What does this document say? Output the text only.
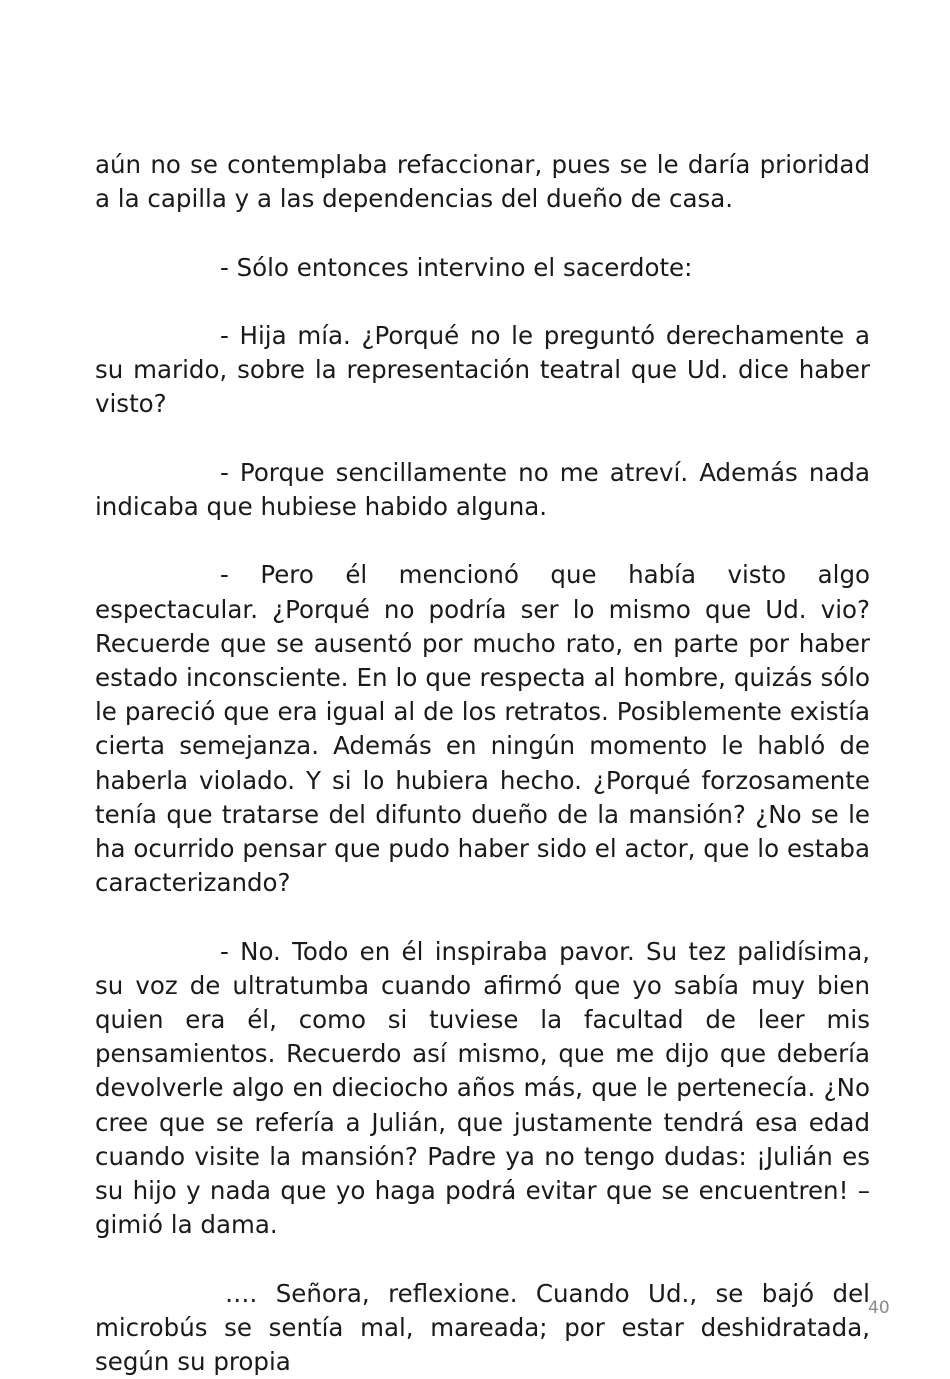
aún no se contemplaba refaccionar, pues se le daría prioridad a la capilla y a las dependencias del dueño de casa.

- Sólo entonces intervino el sacerdote:

- Hija mía. ¿Porqué no le preguntó derechamente a su marido, sobre la representación teatral que Ud. dice haber visto?

- Porque sencillamente no me atreví. Además nada indicaba que hubiese habido alguna.

- Pero él mencionó que había visto algo espectacular. ¿Porqué no podría ser lo mismo que Ud. vio? Recuerde que se ausentó por mucho rato, en parte por haber estado inconsciente. En lo que respecta al hombre, quizás sólo le pareció que era igual al de los retratos. Posiblemente existía cierta semejanza. Además en ningún momento le habló de haberla violado. Y si lo hubiera hecho. ¿Porqué forzosamente tenía que tratarse del difunto dueño de la mansión? ¿No se le ha ocurrido pensar que pudo haber sido el actor, que lo estaba caracterizando?

- No. Todo en él inspiraba pavor. Su tez palidísima, su voz de ultratumba cuando afirmó que yo sabía muy bien quien era él, como si tuviese la facultad de leer mis pensamientos. Recuerdo así mismo, que me dijo que debería devolverle algo en dieciocho años más, que le pertenecía. ¿No cree que se refería a Julián, que justamente tendrá esa edad cuando visite la mansión? Padre ya no tengo dudas: ¡Julián es su hijo y nada que yo haga podrá evitar que se encuentren! – gimió la dama.

…. Señora, reflexione. Cuando Ud., se bajó del microbús se sentía mal, mareada; por estar deshidratada, según su propia

40
